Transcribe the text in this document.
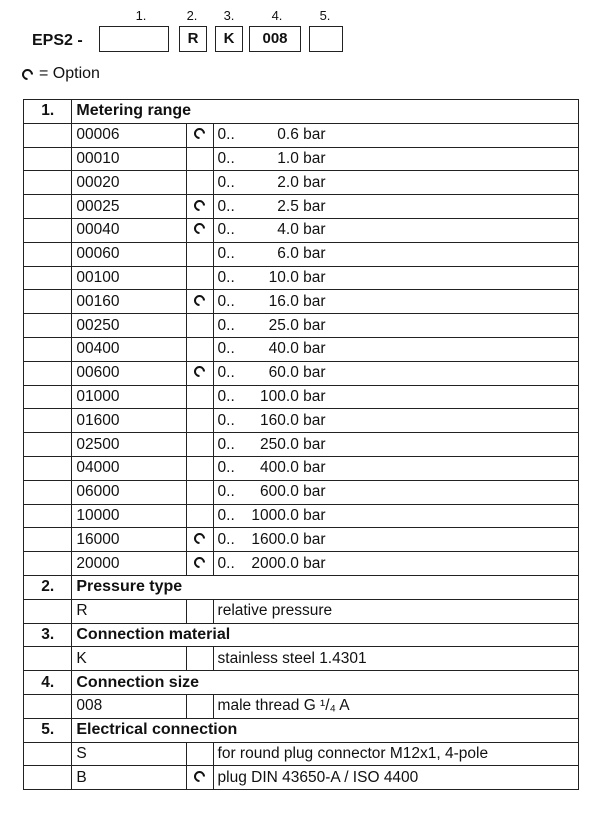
1.	2.	3.	4.	5.
EPS2 -	R	K	008
= Option
1.	Metering range		
	00006		0.. 0.6 bar

	00010		0.. 1.0 bar

	00020		0.. 2.0 bar

	00025		0.. 2.5 bar

	00040		0.. 4.0 bar

	00060		0.. 6.0 bar

	00100		0.. 10.0 bar

	00160		0.. 16.0 bar

	00250		0.. 25.0 bar

	00400		0.. 40.0 bar

	00600		0.. 60.0 bar

	01000		0.. 100.0 bar

	01600		0.. 160.0 bar

	02500		0.. 250.0 bar

	04000		0.. 400.0 bar

	06000		0.. 600.0 bar

	10000		0.. 1000.0 bar

	16000		0.. 1600.0 bar

	20000		0.. 2000.0 bar

2.	Pressure type		
	R		relative pressure
3.	Connection material		
	K		stainless steel 1.4301
4.	Connection size		
	008		male thread G ¹/₄ A
5.	Electrical connection		
	S		for round plug connector M12x1, 4-pole
	B		plug DIN 43650-A / ISO 4400
